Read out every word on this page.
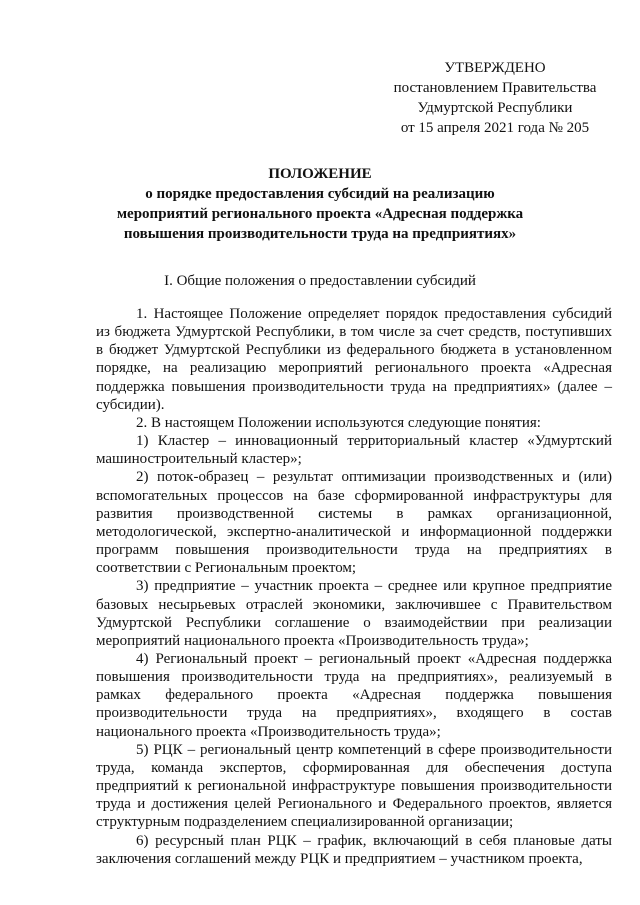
УТВЕРЖДЕНО
постановлением Правительства
Удмуртской Республики
от 15 апреля 2021 года № 205
ПОЛОЖЕНИЕ
о порядке предоставления субсидий на реализацию
мероприятий регионального проекта «Адресная поддержка
повышения производительности труда на предприятиях»
I. Общие положения о предоставлении субсидий

1. Настоящее Положение определяет порядок предоставления субсидий из бюджета Удмуртской Республики, в том числе за счет средств, поступивших в бюджет Удмуртской Республики из федерального бюджета в установленном порядке, на реализацию мероприятий регионального проекта «Адресная поддержка повышения производительности труда на предприятиях» (далее – субсидии).

2. В настоящем Положении используются следующие понятия:

1) Кластер – инновационный территориальный кластер «Удмуртский машиностроительный кластер»;

2) поток-образец – результат оптимизации производственных и (или) вспомогательных процессов на базе сформированной инфраструктуры для развития производственной системы в рамках организационной, методологической, экспертно-аналитической и информационной поддержки программ повышения производительности труда на предприятиях в соответствии с Региональным проектом;

3) предприятие – участник проекта – среднее или крупное предприятие базовых несырьевых отраслей экономики, заключившее с Правительством Удмуртской Республики соглашение о взаимодействии при реализации мероприятий национального проекта «Производительность труда»;

4) Региональный проект – региональный проект «Адресная поддержка повышения производительности труда на предприятиях», реализуемый в рамках федерального проекта «Адресная поддержка повышения производительности труда на предприятиях», входящего в состав национального проекта «Производительность труда»;

5) РЦК – региональный центр компетенций в сфере производительности труда, команда экспертов, сформированная для обеспечения доступа предприятий к региональной инфраструктуре повышения производительности труда и достижения целей Регионального и Федерального проектов, является структурным подразделением специализированной организации;

6) ресурсный план РЦК – график, включающий в себя плановые даты заключения соглашений между РЦК и предприятием – участником проекта,
